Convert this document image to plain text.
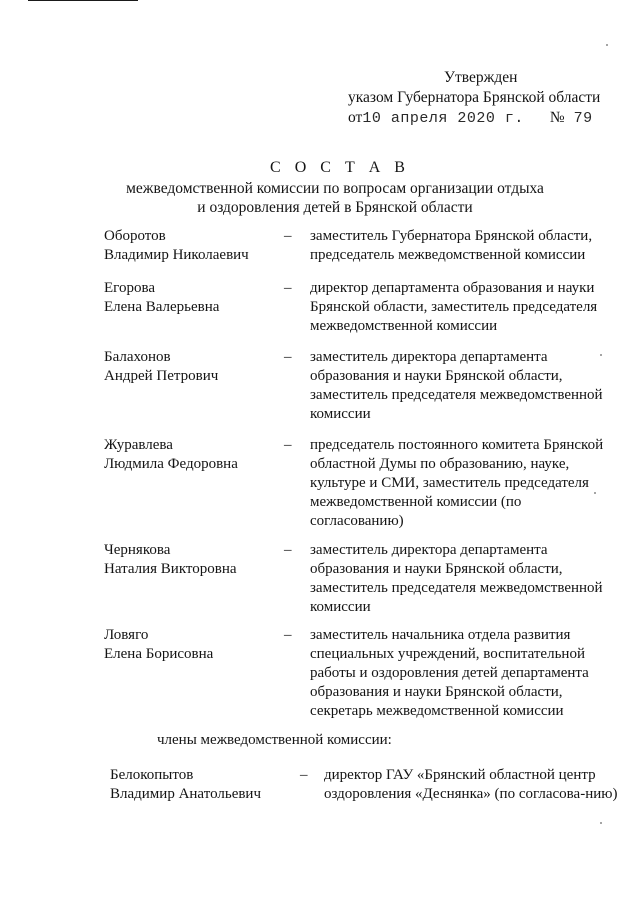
Утвержден
указом Губернатора Брянской области
от10 апреля 2020 г. № 79
С О С Т А В
межведомственной комиссии по вопросам организации отдыха
и оздоровления детей в Брянской области
Оборотов
Владимир Николаевич
– заместитель Губернатора Брянской области, председатель межведомственной комиссии
Егорова
Елена Валерьевна
– директор департамента образования и науки Брянской области, заместитель председателя межведомственной комиссии
Балахонов
Андрей Петрович
– заместитель директора департамента образования и науки Брянской области, заместитель председателя межведомственной комиссии
Журавлева
Людмила Федоровна
– председатель постоянного комитета Брянской областной Думы по образованию, науке, культуре и СМИ, заместитель председателя межведомственной комиссии (по согласованию)
Чернякова
Наталия Викторовна
– заместитель директора департамента образования и науки Брянской области, заместитель председателя межведомственной комиссии
Ловяго
Елена Борисовна
– заместитель начальника отдела развития специальных учреждений, воспитательной работы и оздоровления детей департамента образования и науки Брянской области, секретарь межведомственной комиссии
члены межведомственной комиссии:
Белокопытов
Владимир Анатольевич
– директор ГАУ «Брянский областной центр оздоровления «Деснянка» (по согласова-нию)
